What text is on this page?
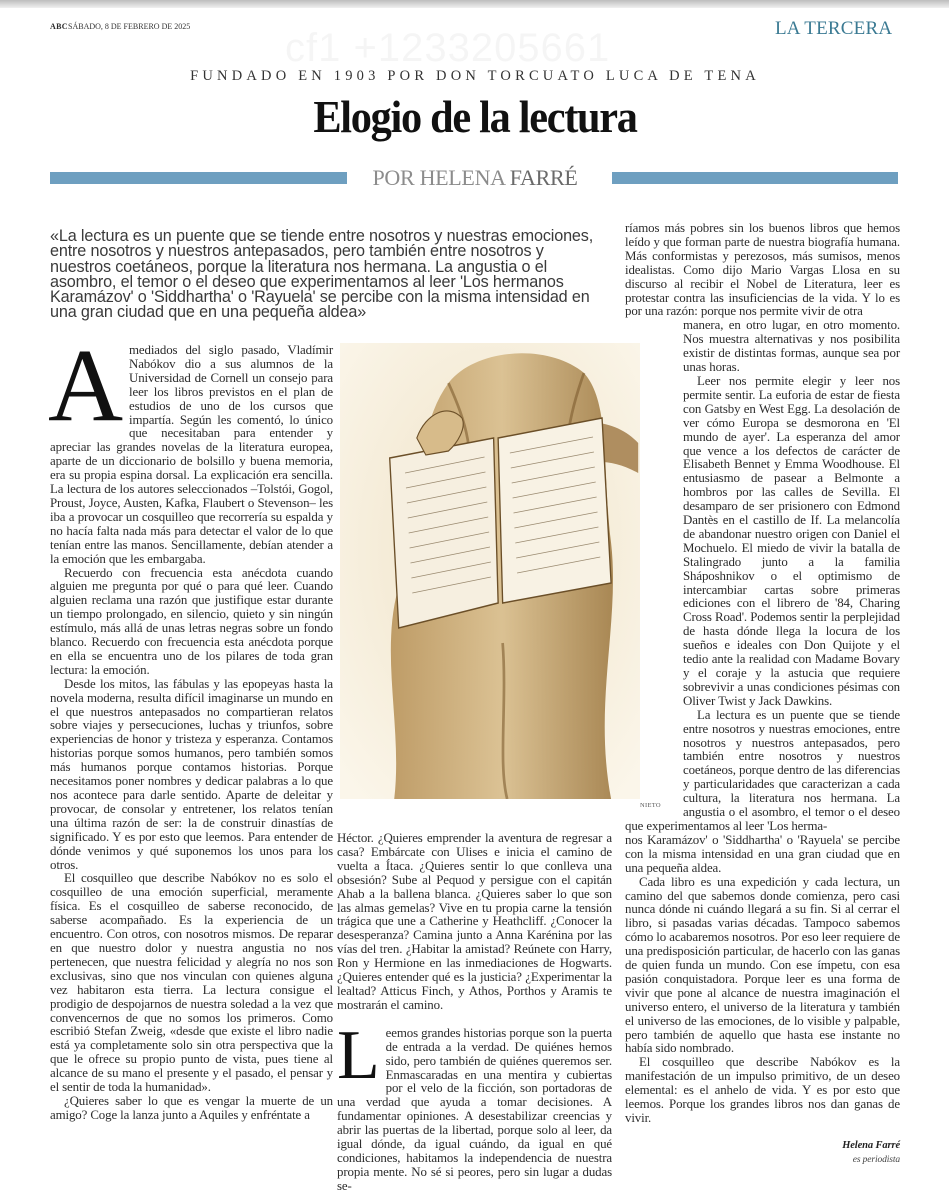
ABC SÁBADO, 8 DE FEBRERO DE 2025	LA TERCERA
FUNDADO EN 1903 POR DON TORCUATO LUCA DE TENA
Elogio de la lectura
POR HELENA FARRÉ
«La lectura es un puente que se tiende entre nosotros y nuestras emociones, entre nosotros y nuestros antepasados, pero también entre nosotros y nuestros coetáneos, porque la literatura nos hermana. La angustia o el asombro, el temor o el deseo que experimentamos al leer 'Los hermanos Karamázov' o 'Siddhartha' o 'Rayuela' se percibe con la misma intensidad en una gran ciudad que en una pequeña aldea»
NIETO

Amediados del siglo pasado, Vladímir Nabókov dio a sus alumnos de la Universidad de Cornell un consejo para leer los libros previstos en el plan de estudios de uno de los cursos que impartía. Según les comentó, lo único que necesitaban para entender y apreciar las grandes novelas de la literatura europea, aparte de un diccionario de bolsillo y buena memoria, era su propia espina dorsal. La explicación era sencilla. La lectura de los autores seleccionados –Tolstói, Gogol, Proust, Joyce, Austen, Kafka, Flaubert o Stevenson– les iba a provocar un cosquilleo que recorrería su espalda y no hacía falta nada más para detectar el valor de lo que tenían entre las manos. Sencillamente, debían atender a la emoción que les embargaba.

Recuerdo con frecuencia esta anécdota cuando alguien me pregunta por qué o para qué leer. Cuando alguien reclama una razón que justifique estar durante un tiempo prolongado, en silencio, quieto y sin ningún estímulo, más allá de unas letras negras sobre un fondo blanco. Recuerdo con frecuencia esta anécdota porque en ella se encuentra uno de los pilares de toda gran lectura: la emoción.

Desde los mitos, las fábulas y las epopeyas hasta la novela moderna, resulta difícil imaginarse un mundo en el que nuestros antepasados no compartieran relatos sobre viajes y persecuciones, luchas y triunfos, sobre experiencias de honor y tristeza y esperanza. Contamos historias porque somos humanos, pero también somos más humanos porque contamos historias. Porque necesitamos poner nombres y dedicar palabras a lo que nos acontece para darle sentido. Aparte de deleitar y provocar, de consolar y entretener, los relatos tenían una última razón de ser: la de construir dinastías de significado. Y es por esto que leemos. Para entender de dónde venimos y qué suponemos los unos para los otros.

El cosquilleo que describe Nabókov no es solo el cosquilleo de una emoción superficial, meramente física. Es el cosquilleo de saberse reconocido, de saberse acompañado. Es la experiencia de un encuentro. Con otros, con nosotros mismos. De reparar en que nuestro dolor y nuestra angustia no nos pertenecen, que nuestra felicidad y alegría no nos son exclusivas, sino que nos vinculan con quienes alguna vez habitaron esta tierra. La lectura consigue el prodigio de despojarnos de nuestra soledad a la vez que convencernos de que no somos los primeros. Como escribió Stefan Zweig, «desde que existe el libro nadie está ya completamente solo sin otra perspectiva que la que le ofrece su propio punto de vista, pues tiene al alcance de su mano el presente y el pasado, el pensar y el sentir de toda la humanidad».

¿Quieres saber lo que es vengar la muerte de un amigo? Coge la lanza junto a Aquiles y enfréntate a

Héctor. ¿Quieres emprender la aventura de regresar a casa? Embárcate con Ulises e inicia el camino de vuelta a Ítaca. ¿Quieres sentir lo que conlleva una obsesión? Sube al Pequod y persigue con el capitán Ahab a la ballena blanca. ¿Quieres saber lo que son las almas gemelas? Vive en tu propia carne la tensión trágica que une a Catherine y Heathcliff. ¿Conocer la desesperanza? Camina junto a Anna Karénina por las vías del tren. ¿Habitar la amistad? Reúnete con Harry, Ron y Hermione en las inmediaciones de Hogwarts. ¿Quieres entender qué es la justicia? ¿Experimentar la lealtad? Atticus Finch, y Athos, Porthos y Aramis te mostrarán el camino.

Leemos grandes historias porque son la puerta de entrada a la verdad. De quiénes hemos sido, pero también de quiénes queremos ser. Enmascaradas en una mentira y cubiertas por el velo de la ficción, son portadoras de una verdad que ayuda a tomar decisiones. A fundamentar opiniones. A desestabilizar creencias y abrir las puertas de la libertad, porque solo al leer, da igual dónde, da igual cuándo, da igual en qué condiciones, habitamos la independencia de nuestra propia mente. No sé si peores, pero sin lugar a dudas se-

ríamos más pobres sin los buenos libros que hemos leído y que forman parte de nuestra biografía humana. Más conformistas y perezosos, más sumisos, menos idealistas. Como dijo Mario Vargas Llosa en su discurso al recibir el Nobel de Literatura, leer es protestar contra las insuficiencias de la vida. Y lo es por una razón: porque nos permite vivir de otra

manera, en otro lugar, en otro momento. Nos muestra alternativas y nos posibilita existir de distintas formas, aunque sea por unas horas.

Leer nos permite elegir y leer nos permite sentir. La euforia de estar de fiesta con Gatsby en West Egg. La desolación de ver cómo Europa se desmorona en 'El mundo de ayer'. La esperanza del amor que vence a los defectos de carácter de Elisabeth Bennet y Emma Woodhouse. El entusiasmo de pasear a Belmonte a hombros por las calles de Sevilla. El desamparo de ser prisionero con Edmond Dantès en el castillo de If. La melancolía de abandonar nuestro origen con Daniel el Mochuelo. El miedo de vivir la batalla de Stalingrado junto a la familia Sháposhnikov o el optimismo de intercambiar cartas sobre primeras ediciones con el librero de '84, Charing Cross Road'. Podemos sentir la perplejidad de hasta dónde llega la locura de los sueños e ideales con Don Quijote y el tedio ante la realidad con Madame Bovary y el coraje y la astucia que requiere sobrevivir a unas condiciones pésimas con Oliver Twist y Jack Dawkins.

La lectura es un puente que se tiende entre nosotros y nuestras emociones, entre nosotros y nuestros antepasados, pero también entre nosotros y nuestros coetáneos, porque dentro de las diferencias y particularidades que caracterizan a cada cultura, la literatura nos hermana. La angustia o el asombro, el temor o el deseo que experimentamos al leer 'Los herma-

nos Karamázov' o 'Siddhartha' o 'Rayuela' se percibe con la misma intensidad en una gran ciudad que en una pequeña aldea.

Cada libro es una expedición y cada lectura, un camino del que sabemos donde comienza, pero casi nunca dónde ni cuándo llegará a su fin. Si al cerrar el libro, si pasadas varias décadas. Tampoco sabemos cómo lo acabaremos nosotros. Por eso leer requiere de una predisposición particular, de hacerlo con las ganas de quien funda un mundo. Con ese ímpetu, con esa pasión conquistadora. Porque leer es una forma de vivir que pone al alcance de nuestra imaginación el universo entero, el universo de la literatura y también el universo de las emociones, de lo visible y palpable, pero también de aquello que hasta ese instante no había sido nombrado.

El cosquilleo que describe Nabókov es la manifestación de un impulso primitivo, de un deseo elemental: es el anhelo de vida. Y es por esto que leemos. Porque los grandes libros nos dan ganas de vivir.

Helena Farré
es periodista
